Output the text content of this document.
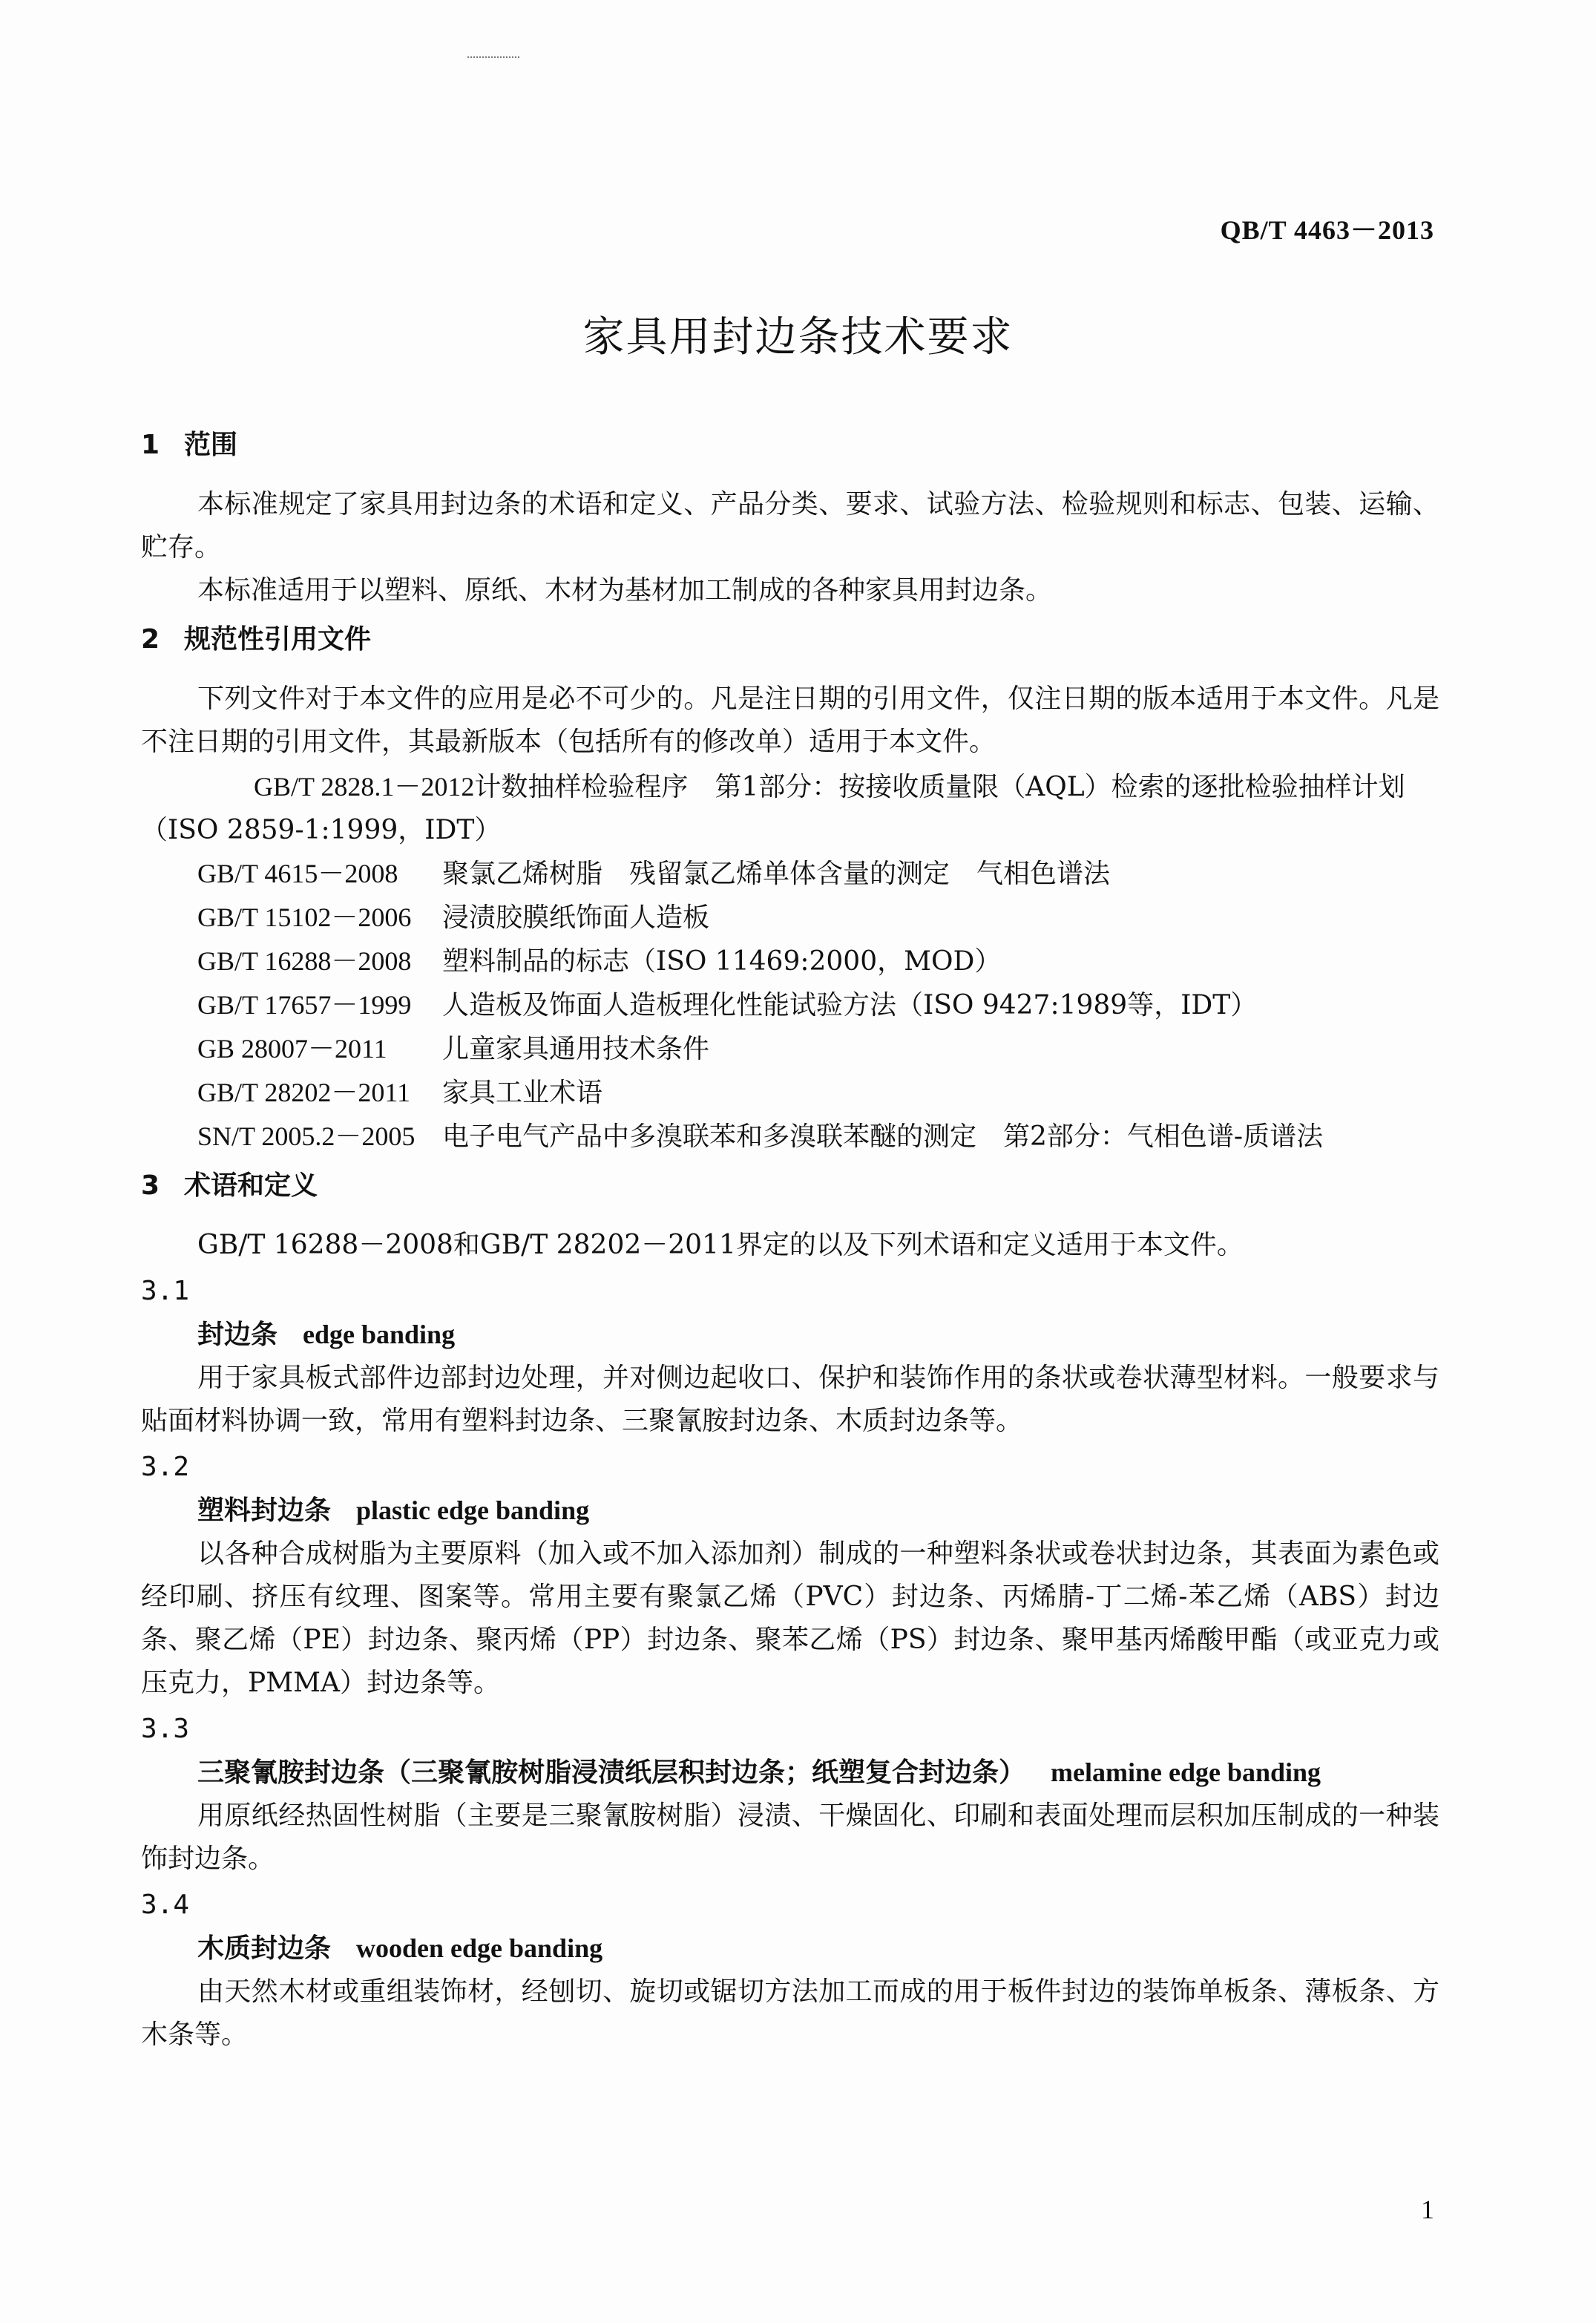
QB/T 4463－2013
家具用封边条技术要求
1 范围
本标准规定了家具用封边条的术语和定义、产品分类、要求、试验方法、检验规则和标志、包装、运输、贮存。
本标准适用于以塑料、原纸、木材为基材加工制成的各种家具用封边条。
2 规范性引用文件
下列文件对于本文件的应用是必不可少的。凡是注日期的引用文件，仅注日期的版本适用于本文件。凡是不注日期的引用文件，其最新版本（包括所有的修改单）适用于本文件。
GB/T 2828.1－2012计数抽样检验程序　第1部分：按接收质量限（AQL）检索的逐批检验抽样计划（ISO 2859-1:1999，IDT）
GB/T 4615－2008 聚氯乙烯树脂　残留氯乙烯单体含量的测定　气相色谱法
GB/T 15102－2006 浸渍胶膜纸饰面人造板
GB/T 16288－2008 塑料制品的标志（ISO 11469:2000，MOD）
GB/T 17657－1999 人造板及饰面人造板理化性能试验方法（ISO 9427:1989等，IDT）
GB 28007－2011 儿童家具通用技术条件
GB/T 28202－2011 家具工业术语
SN/T 2005.2－2005 电子电气产品中多溴联苯和多溴联苯醚的测定　第2部分：气相色谱-质谱法
3 术语和定义
GB/T 16288－2008和GB/T 28202－2011界定的以及下列术语和定义适用于本文件。
3.1
封边条 edge banding
用于家具板式部件边部封边处理，并对侧边起收口、保护和装饰作用的条状或卷状薄型材料。一般要求与贴面材料协调一致，常用有塑料封边条、三聚氰胺封边条、木质封边条等。
3.2
塑料封边条 plastic edge banding
以各种合成树脂为主要原料（加入或不加入添加剂）制成的一种塑料条状或卷状封边条，其表面为素色或经印刷、挤压有纹理、图案等。常用主要有聚氯乙烯（PVC）封边条、丙烯腈-丁二烯-苯乙烯（ABS）封边条、聚乙烯（PE）封边条、聚丙烯（PP）封边条、聚苯乙烯（PS）封边条、聚甲基丙烯酸甲酯（或亚克力或压克力，PMMA）封边条等。
3.3
三聚氰胺封边条（三聚氰胺树脂浸渍纸层积封边条；纸塑复合封边条） melamine edge banding
用原纸经热固性树脂（主要是三聚氰胺树脂）浸渍、干燥固化、印刷和表面处理而层积加压制成的一种装饰封边条。
3.4
木质封边条 wooden edge banding
由天然木材或重组装饰材，经刨切、旋切或锯切方法加工而成的用于板件封边的装饰单板条、薄板条、方木条等。
1
